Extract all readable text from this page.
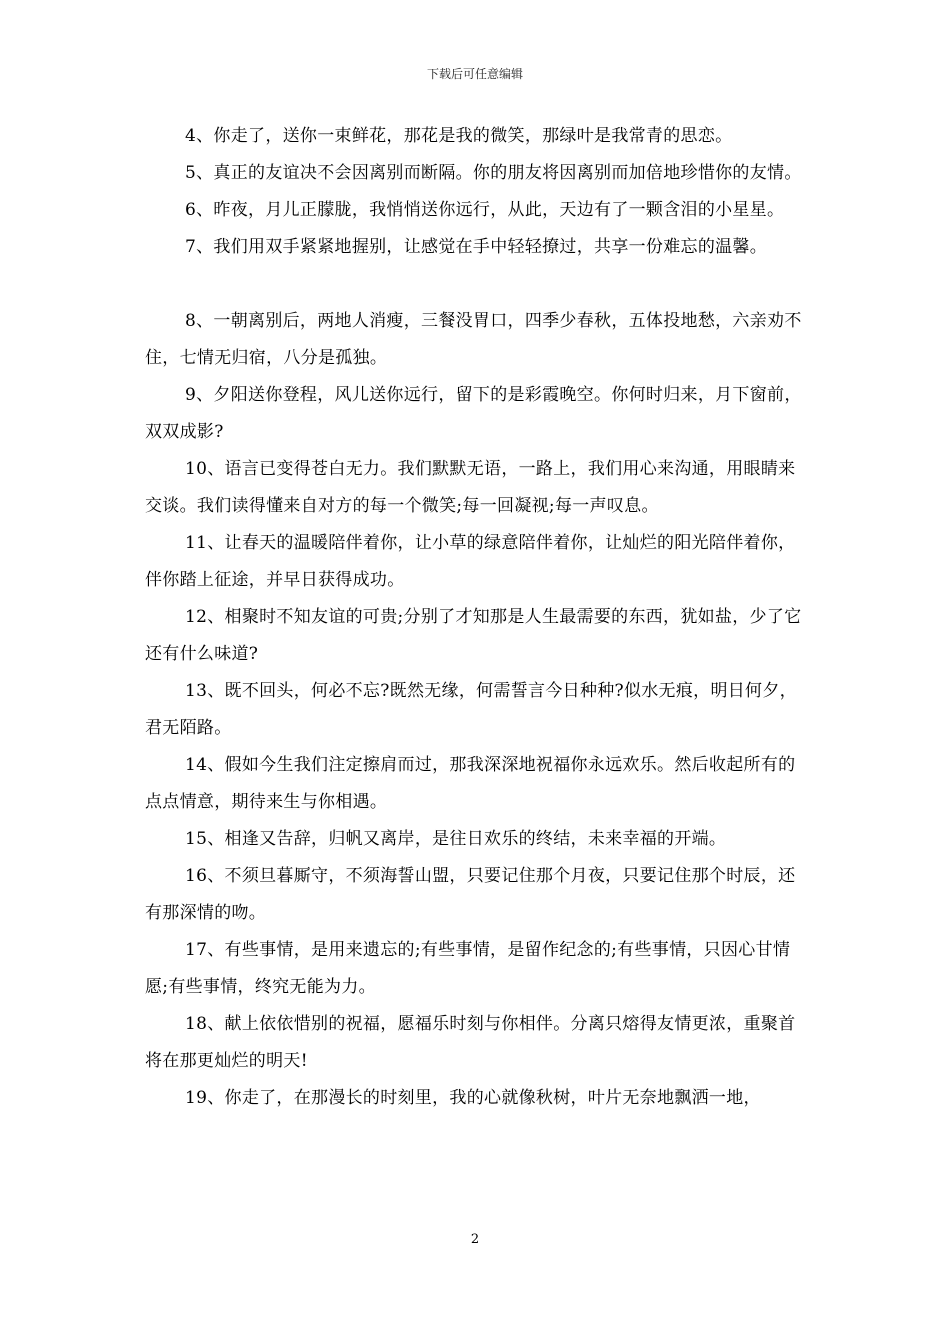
下载后可任意编辑

4、你走了，送你一束鲜花，那花是我的微笑，那绿叶是我常青的思恋。

5、真正的友谊决不会因离别而断隔。你的朋友将因离别而加倍地珍惜你的友情。

6、昨夜，月儿正朦胧，我悄悄送你远行，从此，天边有了一颗含泪的小星星。

7、我们用双手紧紧地握别，让感觉在手中轻轻撩过，共享一份难忘的温馨。

8、一朝离别后，两地人消瘦，三餐没胃口，四季少春秋，五体投地愁，六亲劝不住，七情无归宿，八分是孤独。

9、夕阳送你登程，风儿送你远行，留下的是彩霞晚空。你何时归来，月下窗前，双双成影?

10、语言已变得苍白无力。我们默默无语，一路上，我们用心来沟通，用眼睛来交谈。我们读得懂来自对方的每一个微笑;每一回凝视;每一声叹息。

11、让春天的温暖陪伴着你，让小草的绿意陪伴着你，让灿烂的阳光陪伴着你，伴你踏上征途，并早日获得成功。

12、相聚时不知友谊的可贵;分别了才知那是人生最需要的东西，犹如盐，少了它还有什么味道?

13、既不回头，何必不忘?既然无缘，何需誓言今日种种?似水无痕，明日何夕，君无陌路。

14、假如今生我们注定擦肩而过，那我深深地祝福你永远欢乐。然后收起所有的点点情意，期待来生与你相遇。

15、相逢又告辞，归帆又离岸，是往日欢乐的终结，未来幸福的开端。

16、不须旦暮厮守，不须海誓山盟，只要记住那个月夜，只要记住那个时辰，还有那深情的吻。

17、有些事情，是用来遗忘的;有些事情，是留作纪念的;有些事情，只因心甘情愿;有些事情，终究无能为力。

18、献上依依惜别的祝福，愿福乐时刻与你相伴。分离只熔得友情更浓，重聚首将在那更灿烂的明天!

19、你走了，在那漫长的时刻里，我的心就像秋树，叶片无奈地飘洒一地，

2
